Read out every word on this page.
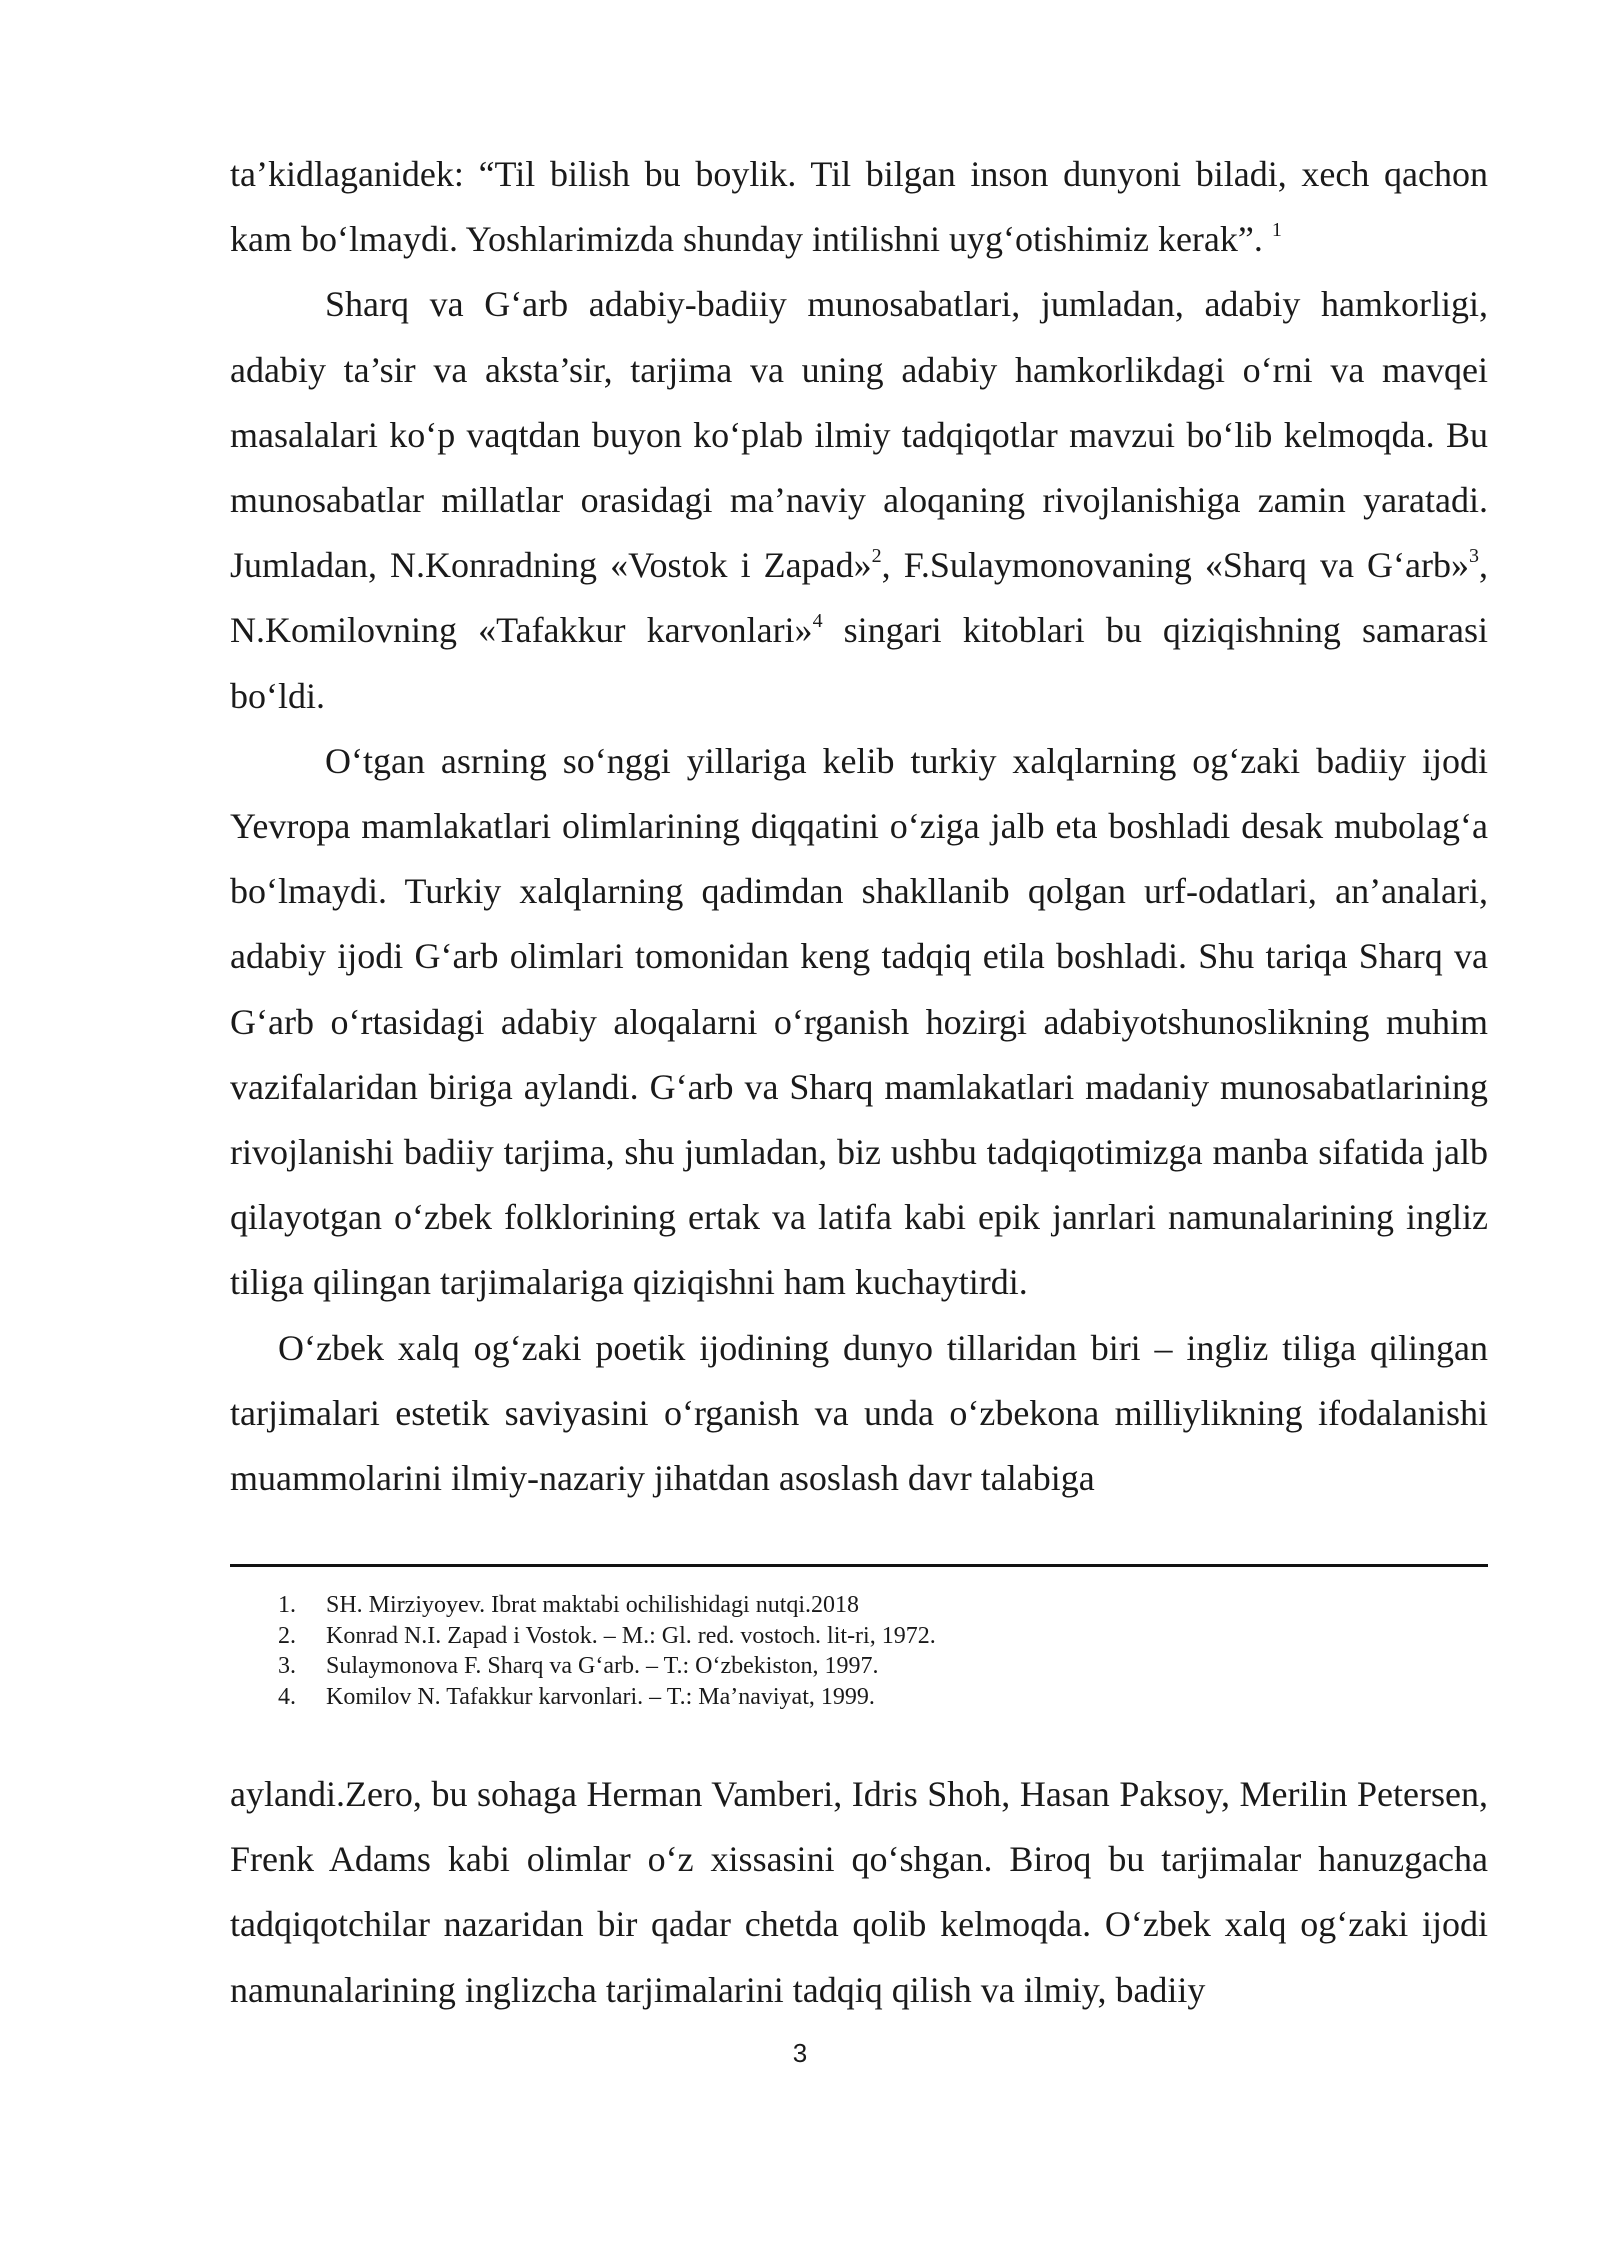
ta’kidlaganidek: “Til bilish bu boylik. Til bilgan inson dunyoni biladi, xech qachon kam bo‘lmaydi. Yoshlarimizda shunday intilishni uyg‘otishimiz kerak”. $^1$

Sharq va G‘arb adabiy-badiiy munosabatlari, jumladan, adabiy hamkorligi, adabiy ta’sir va aksta’sir, tarjima va uning adabiy hamkorlikdagi o‘rni va mavqei masalalari ko‘p vaqtdan buyon ko‘plab ilmiy tadqiqotlar mavzui bo‘lib kelmoqda. Bu munosabatlar millatlar orasidagi ma’naviy aloqaning rivojlanishiga zamin yaratadi. Jumladan, N.Konradning «Vostok i Zapad»$^2$, F.Sulaymonovaning «Sharq va G‘arb»$^3$, N.Komilovning «Tafakkur karvonlari»$^4$ singari kitoblari bu qiziqishning samarasi bo‘ldi.

O‘tgan asrning so‘nggi yillariga kelib turkiy xalqlarning og‘zaki badiiy ijodi Yevropa mamlakatlari olimlarining diqqatini o‘ziga jalb eta boshladi desak mubolag‘a bo‘lmaydi. Turkiy xalqlarning qadimdan shakllanib qolgan urf-odatlari, an’analari, adabiy ijodi G‘arb olimlari tomonidan keng tadqiq etila boshladi. Shu tariqa Sharq va G‘arb o‘rtasidagi adabiy aloqalarni o‘rganish hozirgi adabiyotshunoslikning muhim vazifalaridan biriga aylandi. G‘arb va Sharq mamlakatlari madaniy munosabatlarining rivojlanishi badiiy tarjima, shu jumladan, biz ushbu tadqiqotimizga manba sifatida jalb qilayotgan o‘zbek folklorining ertak va latifa kabi epik janrlari namunalarining ingliz tiliga qilingan tarjimalariga qiziqishni ham kuchaytirdi.

O‘zbek xalq og‘zaki poetik ijodining dunyo tillaridan biri – ingliz tiliga qilingan tarjimalari estetik saviyasini o‘rganish va unda o‘zbekona milliylikning ifodalanishi muammolarini ilmiy-nazariy jihatdan asoslash davr talabiga

1.	SH. Mirziyoyev. Ibrat maktabi ochilishidagi nutqi.2018
2.	Konrad N.I. Zapad i Vostok. – M.: Gl. red. vostoch. lit-ri, 1972.
3.	Sulaymonova F. Sharq va G‘arb. – T.: O‘zbekiston, 1997.
4.	Komilov N. Tafakkur karvonlari. – T.: Ma’naviyat, 1999.

aylandi.Zero, bu sohaga Herman Vamberi, Idris Shoh, Hasan Paksoy, Merilin Petersen, Frenk Adams kabi olimlar o‘z xissasini qo‘shgan. Biroq bu tarjimalar hanuzgacha tadqiqotchilar nazaridan bir qadar chetda qolib kelmoqda. O‘zbek xalq og‘zaki ijodi namunalarining inglizcha tarjimalarini tadqiq qilish va ilmiy, badiiy

3
